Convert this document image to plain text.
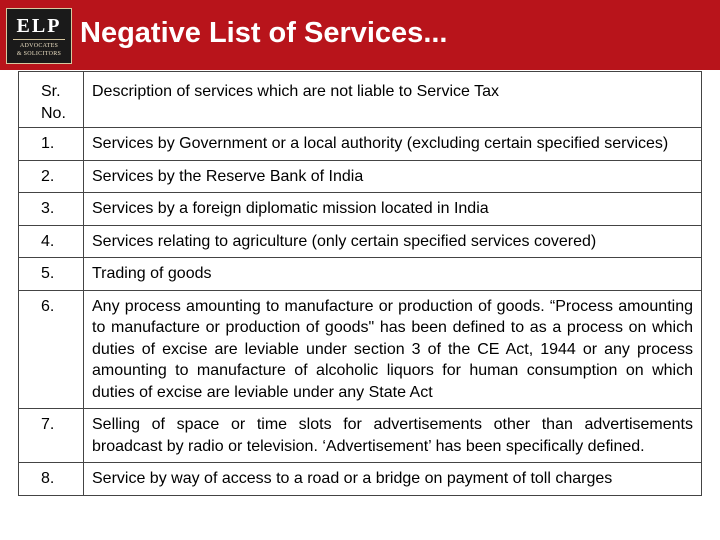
ELP
ADVOCATES
& SOLICITORS
Negative List of Services...
Sr. No.	Description of services which are not liable to Service Tax
1.	Services by Government or a local authority (excluding certain specified services)
2.	Services by the Reserve Bank of India
3.	Services by a foreign diplomatic mission located in India
4.	Services relating to agriculture (only certain specified services covered)
5.	Trading of goods
6.	Any process amounting to manufacture or production of goods. “Process amounting to manufacture or production of goods" has been defined to as a process on which duties of excise are leviable under section 3 of the CE Act, 1944 or any process amounting to manufacture of alcoholic liquors for human consumption on which duties of excise are leviable under any State Act
7.	Selling of space or time slots for advertisements other than advertisements broadcast by radio or television. ‘Advertisement’ has been specifically defined.
8.	Service by way of access to a road or a bridge on payment of toll charges
